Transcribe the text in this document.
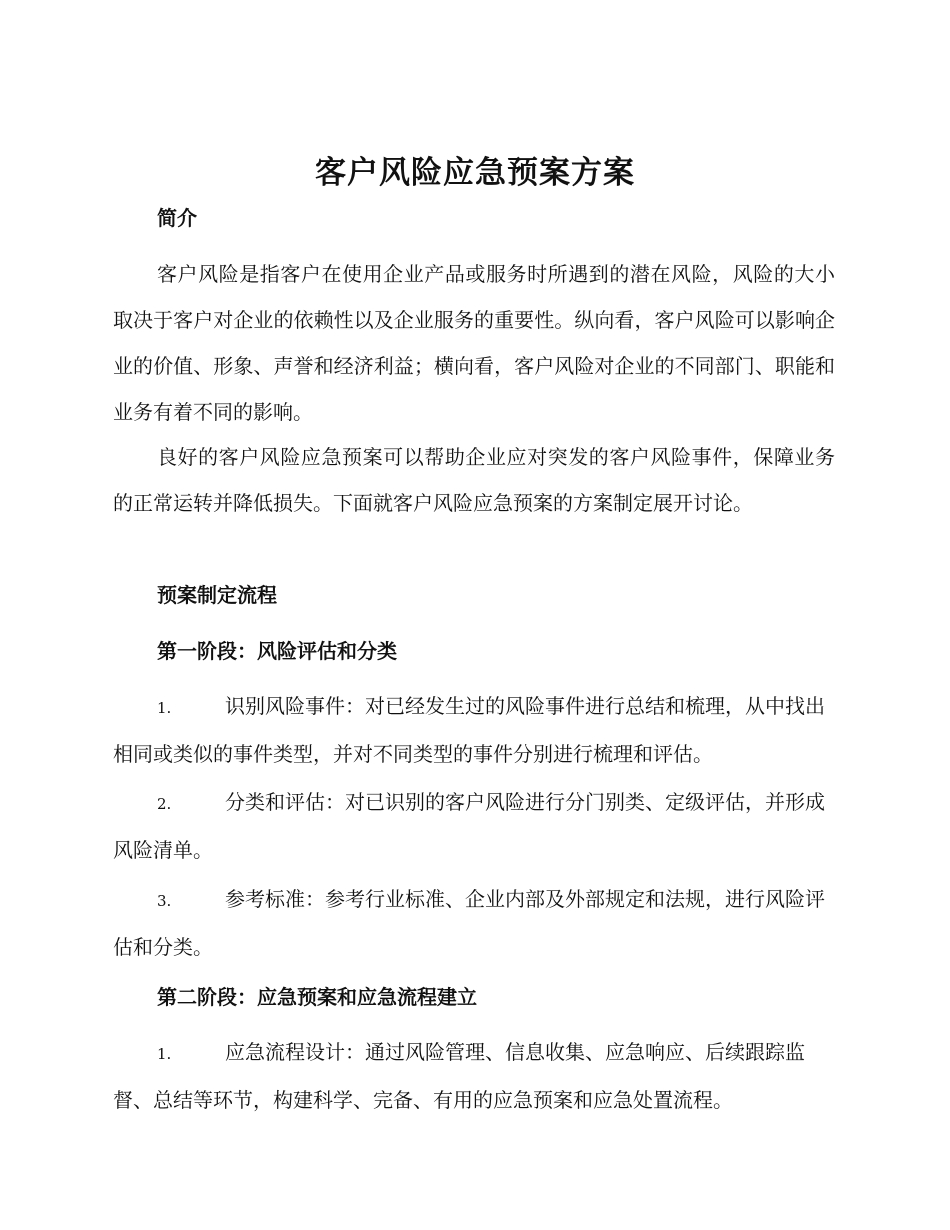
客户风险应急预案方案
简介

客户风险是指客户在使用企业产品或服务时所遇到的潜在风险，风险的大小取决于客户对企业的依赖性以及企业服务的重要性。纵向看，客户风险可以影响企业的价值、形象、声誉和经济利益；横向看，客户风险对企业的不同部门、职能和业务有着不同的影响。

良好的客户风险应急预案可以帮助企业应对突发的客户风险事件，保障业务的正常运转并降低损失。下面就客户风险应急预案的方案制定展开讨论。

预案制定流程
第一阶段：风险评估和分类

1.	识别风险事件：对已经发生过的风险事件进行总结和梳理，从中找出相同或类似的事件类型，并对不同类型的事件分别进行梳理和评估。

2.	分类和评估：对已识别的客户风险进行分门别类、定级评估，并形成风险清单。

3.	参考标准：参考行业标准、企业内部及外部规定和法规，进行风险评估和分类。

第二阶段：应急预案和应急流程建立

1.	应急流程设计：通过风险管理、信息收集、应急响应、后续跟踪监督、总结等环节，构建科学、完备、有用的应急预案和应急处置流程。
